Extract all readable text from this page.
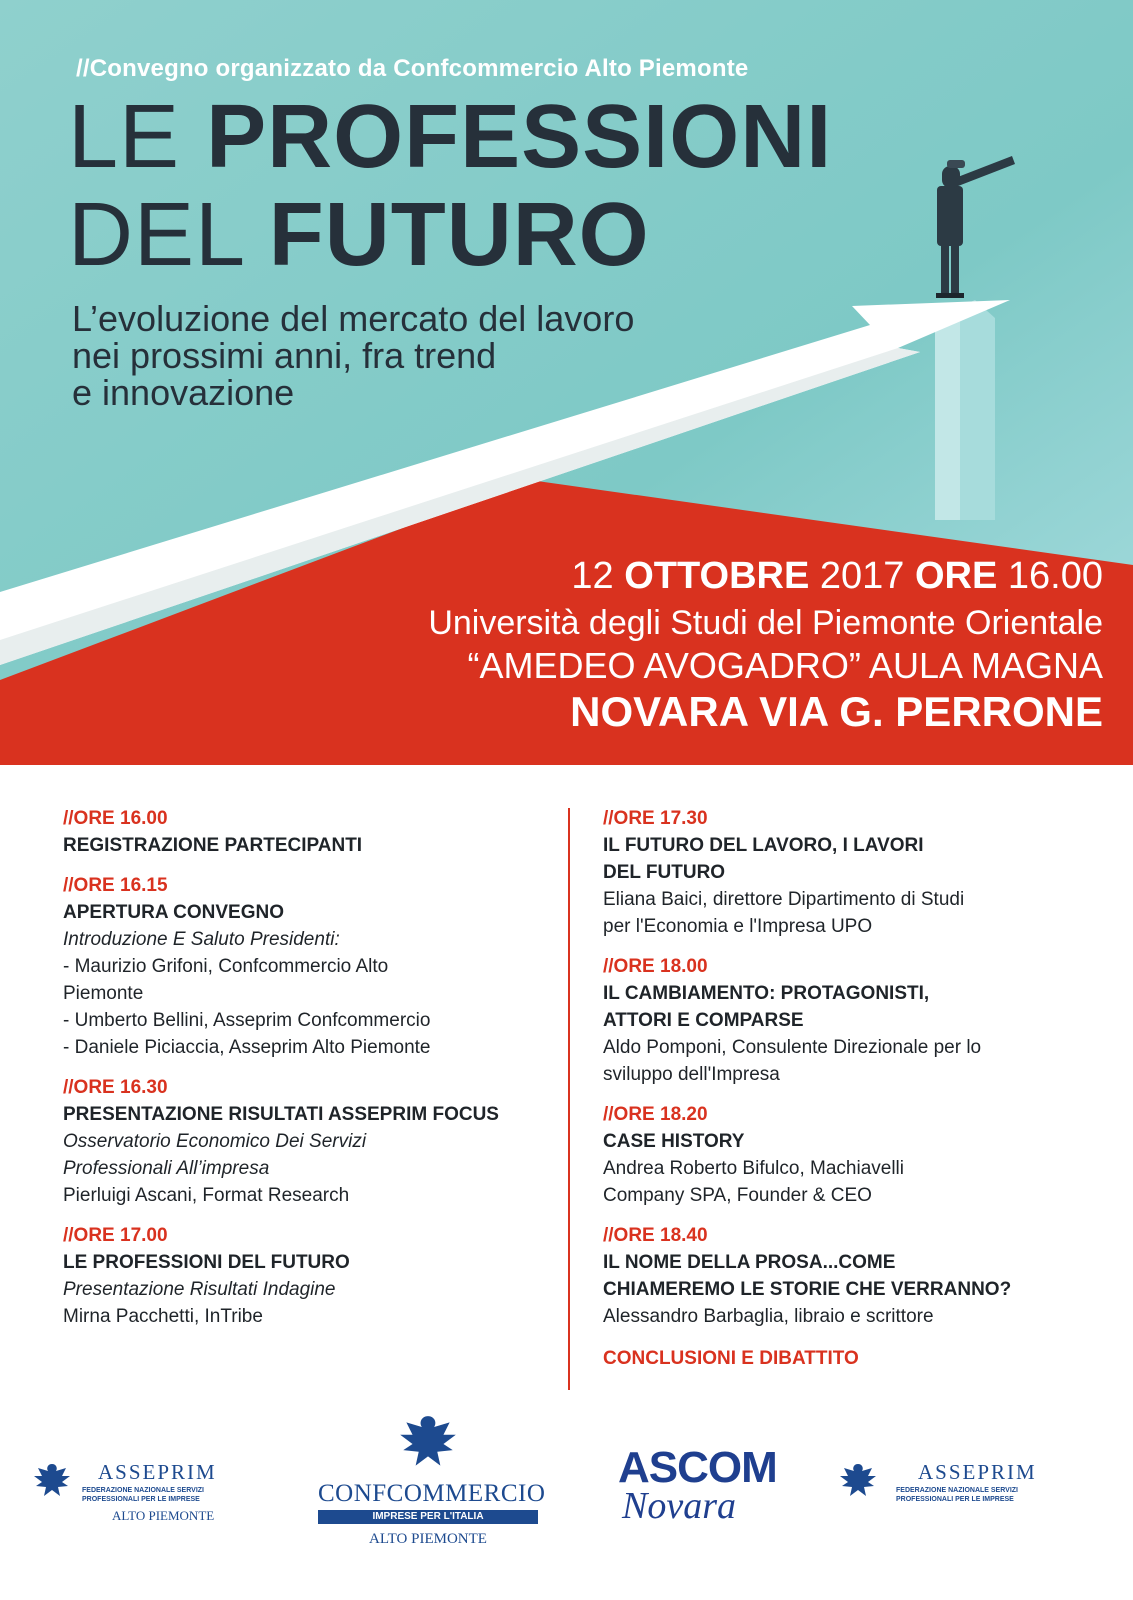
//Convegno organizzato da Confcommercio Alto Piemonte
LE PROFESSIONI
DEL FUTURO
L’evoluzione del mercato del lavoro
nei prossimi anni, fra trend
e innovazione
12 OTTOBRE 2017 ORE 16.00
Università degli Studi del Piemonte Orientale
“AMEDEO AVOGADRO” AULA MAGNA
NOVARA VIA G. PERRONE
//ORE 16.00
REGISTRAZIONE PARTECIPANTI
//ORE 16.15
APERTURA CONVEGNO
Introduzione E Saluto Presidenti:
- Maurizio Grifoni, Confcommercio Alto
Piemonte
- Umberto Bellini, Asseprim Confcommercio
- Daniele Piciaccia, Asseprim Alto Piemonte
//ORE 16.30
PRESENTAZIONE RISULTATI ASSEPRIM FOCUS
Osservatorio Economico Dei Servizi
Professionali All’impresa
Pierluigi Ascani, Format Research
//ORE 17.00
LE PROFESSIONI DEL FUTURO
Presentazione Risultati Indagine
Mirna Pacchetti, InTribe
//ORE 17.30
IL FUTURO DEL LAVORO, I LAVORI
DEL FUTURO
Eliana Baici, direttore Dipartimento di Studi
per l'Economia e l'Impresa UPO
//ORE 18.00
IL CAMBIAMENTO: PROTAGONISTI,
ATTORI E COMPARSE
Aldo Pomponi, Consulente Direzionale per lo
sviluppo dell'Impresa
//ORE 18.20
CASE HISTORY
Andrea Roberto Bifulco, Machiavelli
Company SPA, Founder & CEO
//ORE 18.40
IL NOME DELLA PROSA...COME
CHIAMEREMO LE STORIE CHE VERRANNO?
Alessandro Barbaglia, libraio e scrittore
CONCLUSIONI E DIBATTITO
ASSEPRIM
FEDERAZIONE NAZIONALE SERVIZI
PROFESSIONALI PER LE IMPRESE
ALTO PIEMONTE
CONFCOMMERCIO
IMPRESE PER L'ITALIA
ALTO PIEMONTE
ASCOM
Novara
ASSEPRIM
FEDERAZIONE NAZIONALE SERVIZI
PROFESSIONALI PER LE IMPRESE
